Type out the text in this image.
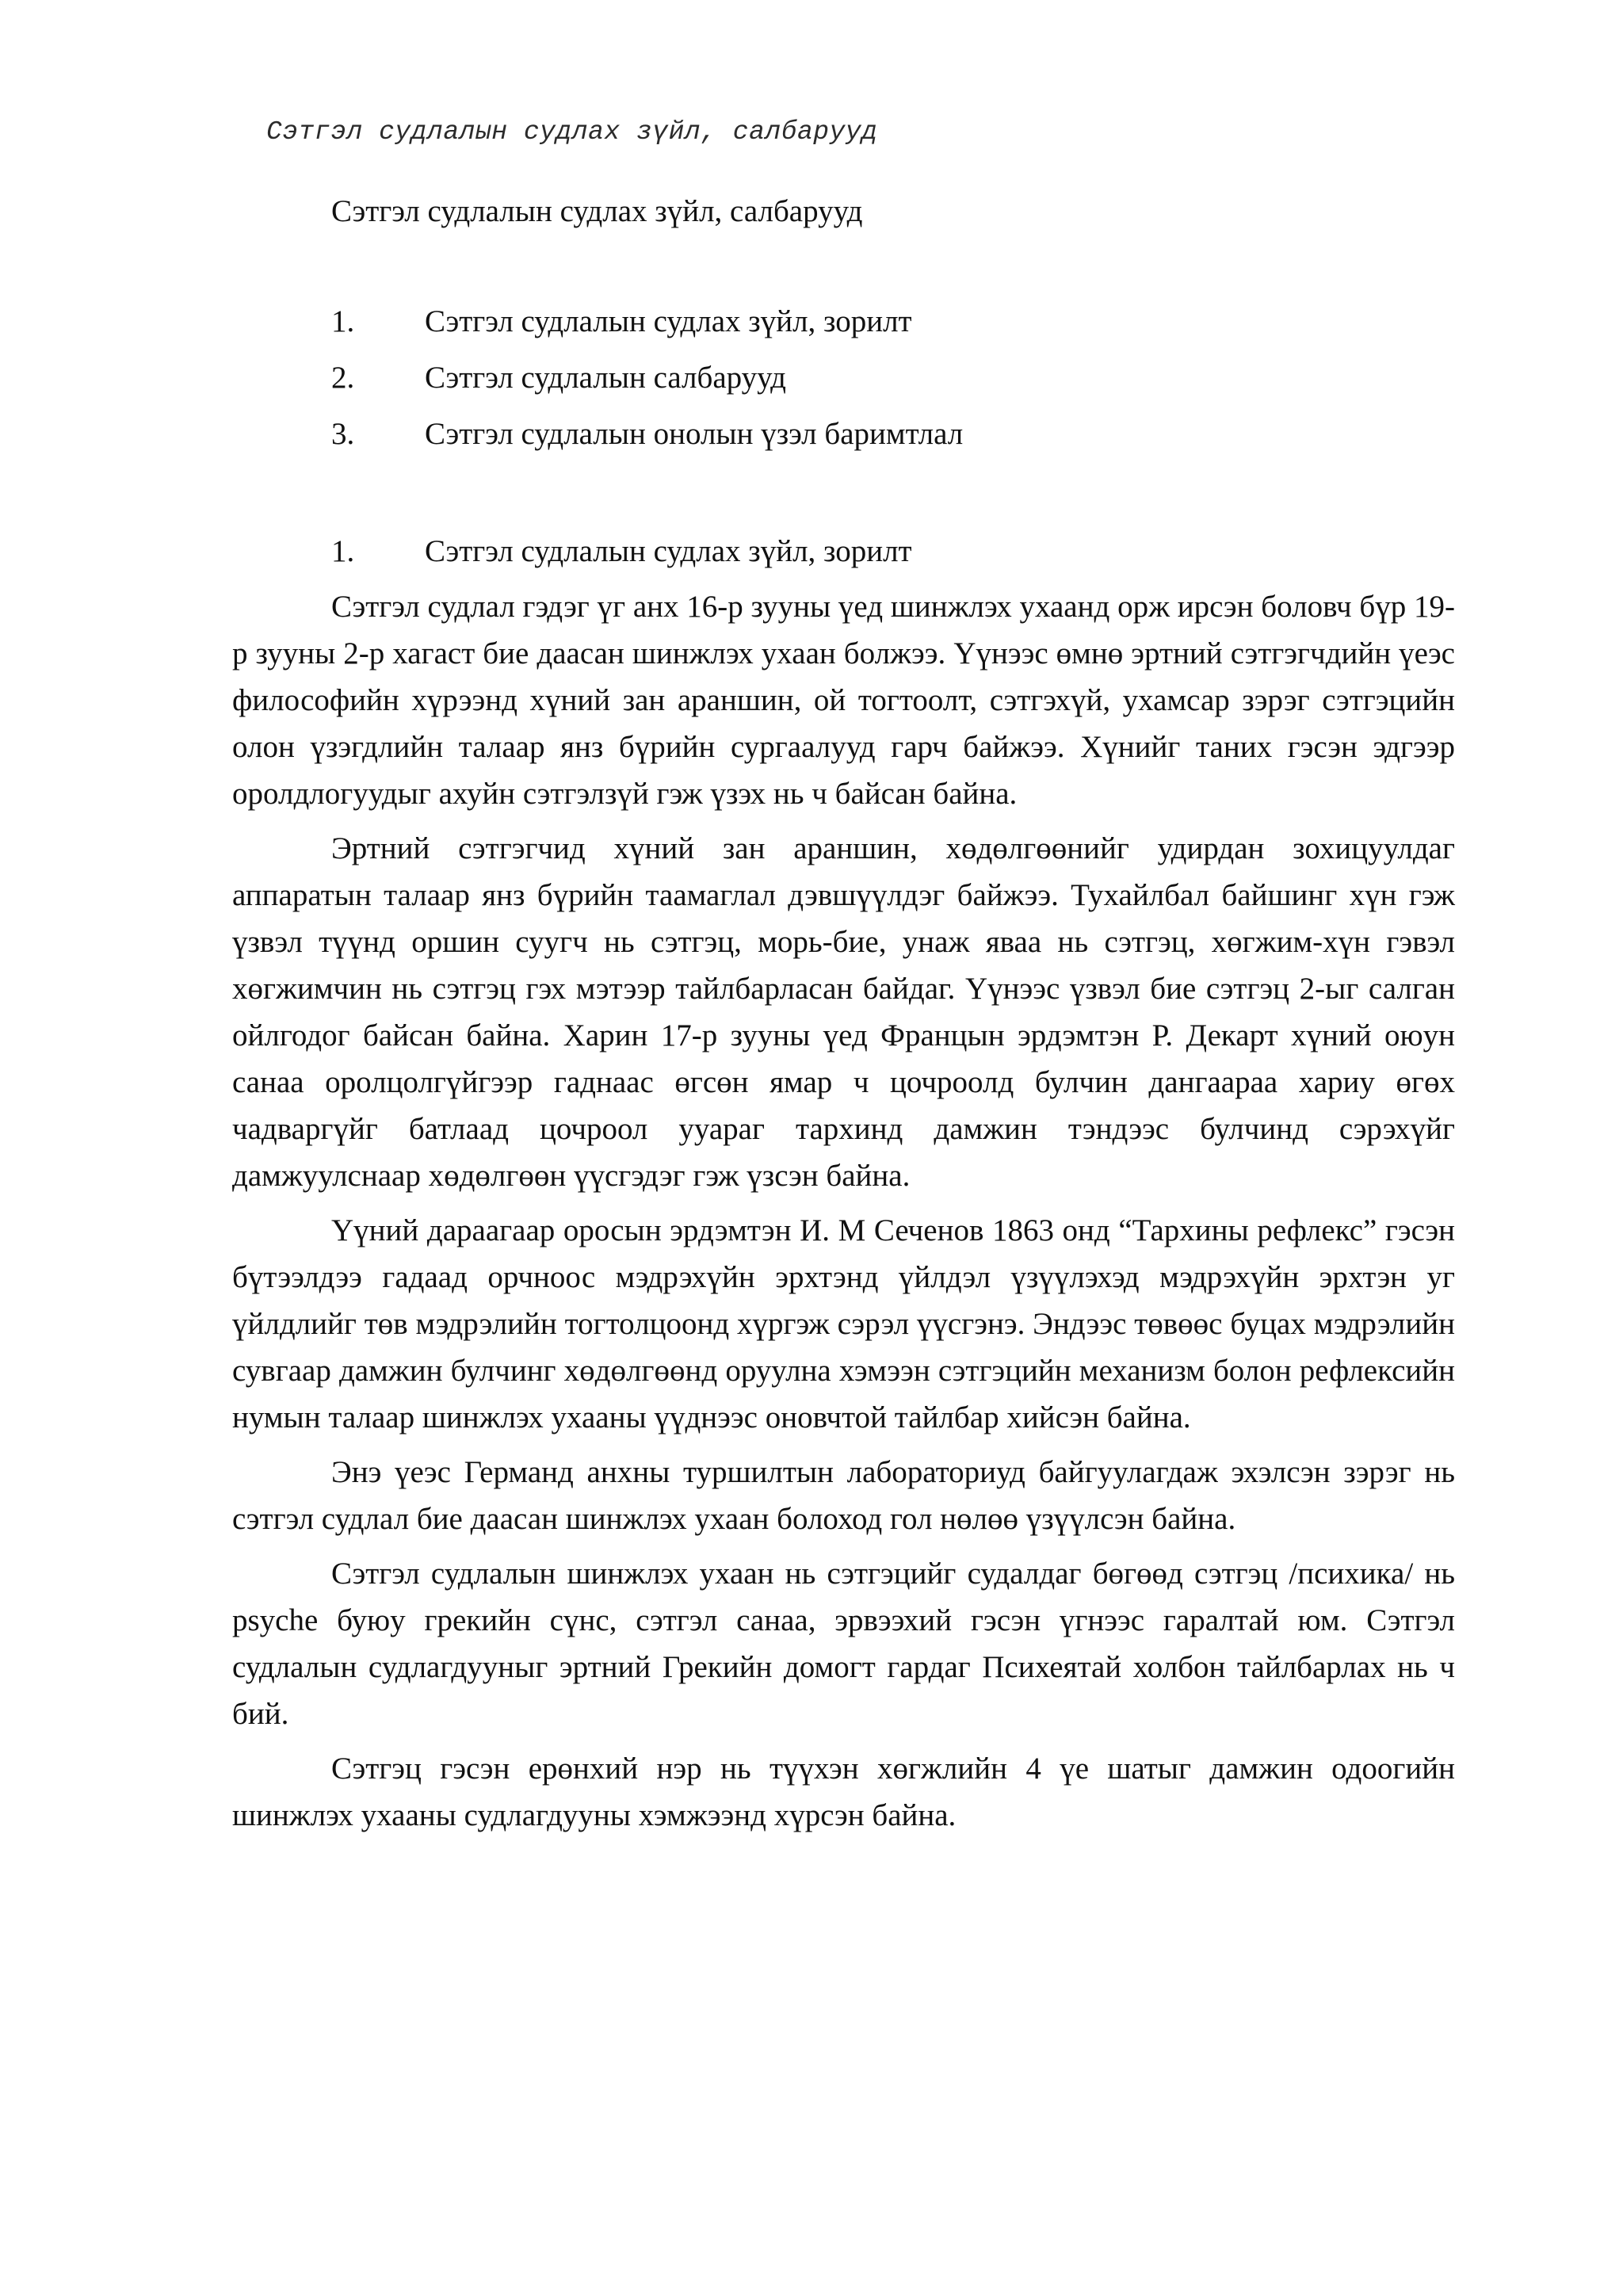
Сэтгэл судлалын судлах зүйл, салбарууд
Сэтгэл судлалын судлах зүйл, салбарууд
1.	Сэтгэл судлалын судлах зүйл, зорилт
2.	Сэтгэл судлалын салбарууд
3.	Сэтгэл судлалын онолын үзэл баримтлал
1.	Сэтгэл судлалын судлах зүйл, зорилт

Сэтгэл судлал гэдэг үг анх 16-р зууны үед шинжлэх ухаанд орж ирсэн боловч бүр 19-р зууны 2-р хагаст бие даасан шинжлэх ухаан болжээ. Үүнээс өмнө эртний сэтгэгчдийн үеэс философийн хүрээнд хүний зан араншин, ой тогтоолт, сэтгэхүй, ухамсар зэрэг сэтгэцийн олон үзэгдлийн талаар янз бүрийн сургаалууд гарч байжээ. Хүнийг таних гэсэн эдгээр оролдлогуудыг ахуйн сэтгэлзүй гэж үзэх нь ч байсан байна.

Эртний сэтгэгчид хүний зан араншин, хөдөлгөөнийг удирдан зохицуулдаг аппаратын талаар янз бүрийн таамаглал дэвшүүлдэг байжээ. Тухайлбал байшинг хүн гэж үзвэл түүнд оршин суугч нь сэтгэц, морь-бие, унаж яваа нь сэтгэц, хөгжим-хүн гэвэл хөгжимчин нь сэтгэц гэх мэтээр тайлбарласан байдаг. Үүнээс үзвэл бие сэтгэц 2-ыг салган ойлгодог байсан байна. Харин 17-р зууны үед Францын эрдэмтэн Р. Декарт хүний оюун санаа оролцолгүйгээр гаднаас өгсөн ямар ч цочроолд булчин дангаараа хариу өгөх чадваргүйг батлаад цочроол ууараг тархинд дамжин тэндээс булчинд сэрэхүйг дамжуулснаар хөдөлгөөн үүсгэдэг гэж үзсэн байна.

Үүний дараагаар оросын эрдэмтэн И. М Сеченов 1863 онд “Тархины рефлекс” гэсэн бүтээлдээ гадаад орчноос мэдрэхүйн эрхтэнд үйлдэл үзүүлэхэд мэдрэхүйн эрхтэн уг үйлдлийг төв мэдрэлийн тогтолцоонд хүргэж сэрэл үүсгэнэ. Эндээс төвөөс буцах мэдрэлийн сувгаар дамжин булчинг хөдөлгөөнд оруулна хэмээн сэтгэцийн механизм болон рефлексийн нумын талаар шинжлэх ухааны үүднээс оновчтой тайлбар хийсэн байна.

Энэ үеэс Германд анхны туршилтын лабораториуд байгуулагдаж эхэлсэн зэрэг нь сэтгэл судлал бие даасан шинжлэх ухаан болоход гол нөлөө үзүүлсэн байна.

Сэтгэл судлалын шинжлэх ухаан нь сэтгэцийг судалдаг бөгөөд сэтгэц /психика/ нь psyche буюу грекийн сүнс, сэтгэл санаа, эрвээхий гэсэн үгнээс гаралтай юм. Сэтгэл судлалын судлагдууныг эртний Грекийн домогт гардаг Психеятай холбон тайлбарлах нь ч бий.

Сэтгэц гэсэн ерөнхий нэр нь түүхэн хөгжлийн 4 үе шатыг дамжин одоогийн шинжлэх ухааны судлагдууны хэмжээнд хүрсэн байна.
